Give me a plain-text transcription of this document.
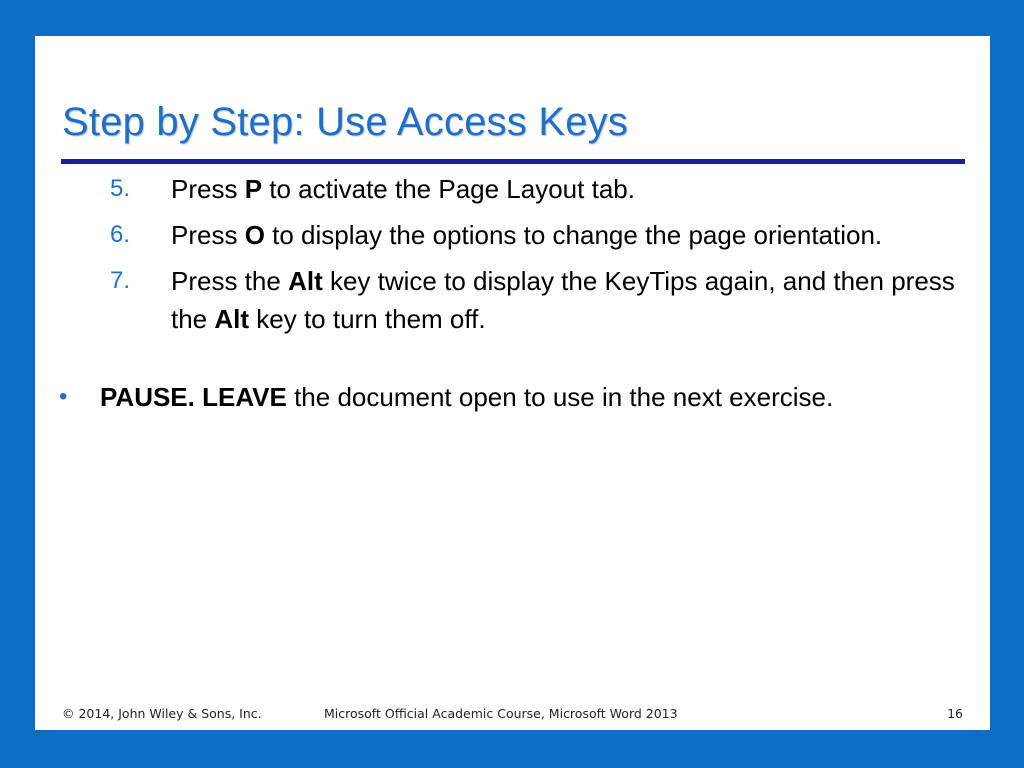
Step by Step: Use Access Keys
5. Press P to activate the Page Layout tab.
6. Press O to display the options to change the page orientation.
7. Press the Alt key twice to display the KeyTips again, and then press the Alt key to turn them off.
• PAUSE. LEAVE the document open to use in the next exercise.
© 2014, John Wiley & Sons, Inc.	Microsoft Official Academic Course, Microsoft Word 2013	16
